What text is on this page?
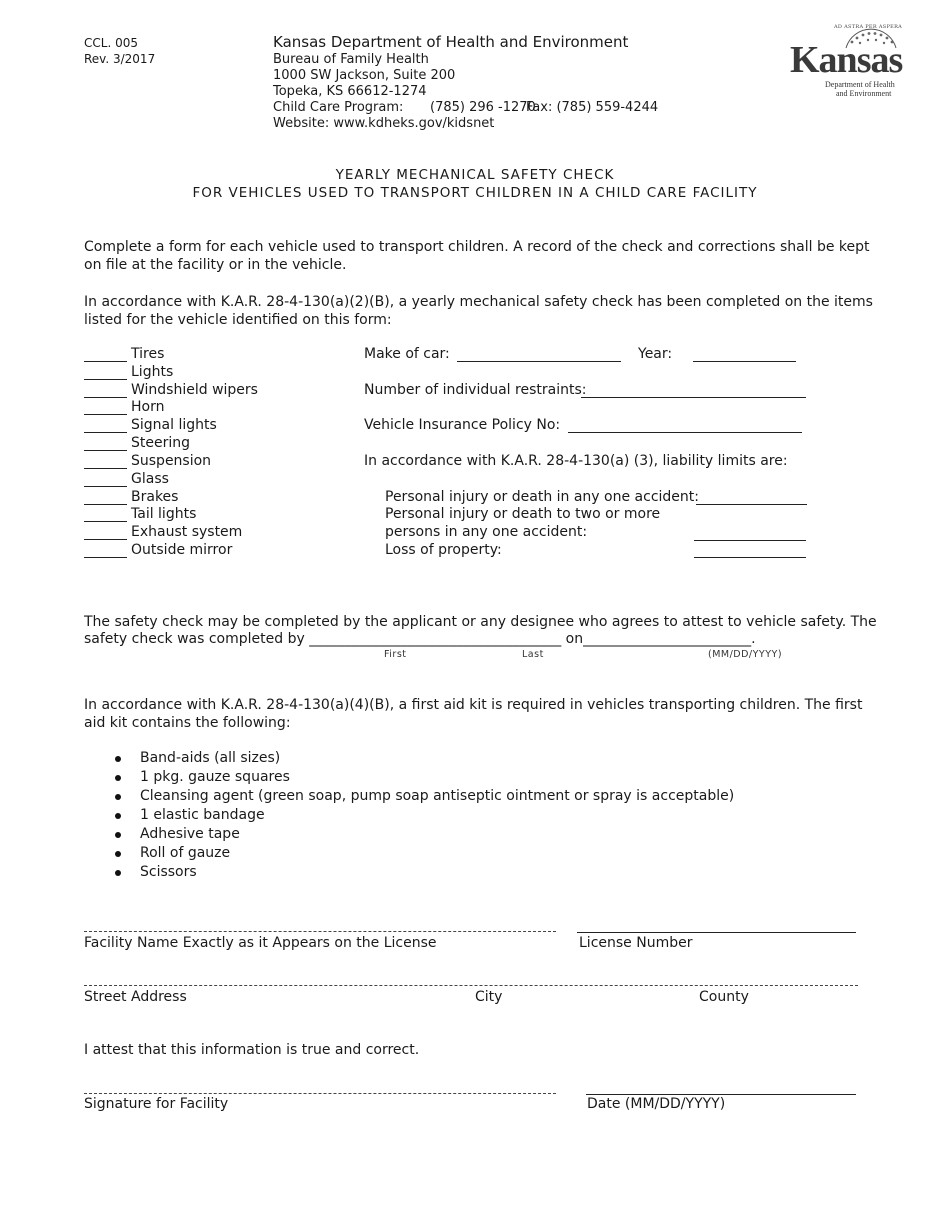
CCL. 005
Rev. 3/2017
Kansas Department of Health and Environment
Bureau of Family Health
1000 SW Jackson, Suite 200
Topeka, KS 66612-1274
Child Care Program: (785) 296 -1270
Fax: (785) 559-4244
Website: www.kdheks.gov/kidsnet
AD ASTRA PER ASPERA
Kansas
Department of Health
and Environment
YEARLY MECHANICAL SAFETY CHECK
FOR VEHICLES USED TO TRANSPORT CHILDREN IN A CHILD CARE FACILITY
Complete a form for each vehicle used to transport children. A record of the check and corrections shall be kept on file at the facility or in the vehicle.
In accordance with K.A.R. 28-4-130(a)(2)(B), a yearly mechanical safety check has been completed on the items listed for the vehicle identified on this form:
Tires
Lights
Windshield wipers
Horn
Signal lights
Steering
Suspension
Glass
Brakes
Tail lights
Exhaust system
Outside mirror
Make of car:	Year:
Number of individual restraints:
Vehicle Insurance Policy No:
In accordance with K.A.R. 28-4-130(a) (3), liability limits are:
Personal injury or death in any one accident:
Personal injury or death to two or more
persons in any one accident:
Loss of property:
The safety check may be completed by the applicant or any designee who agrees to attest to vehicle safety. The
safety check was completed by ____________________________________ on________________________.
First	Last	(MM/DD/YYYY)
In accordance with K.A.R. 28-4-130(a)(4)(B), a first aid kit is required in vehicles transporting children. The first aid kit contains the following:
Band-aids (all sizes)
1 pkg. gauze squares
Cleansing agent (green soap, pump soap antiseptic ointment or spray is acceptable)
1 elastic bandage
Adhesive tape
Roll of gauze
Scissors
Facility Name Exactly as it Appears on the License	License Number
Street Address	City	County
I attest that this information is true and correct.
Signature for Facility	Date (MM/DD/YYYY)
